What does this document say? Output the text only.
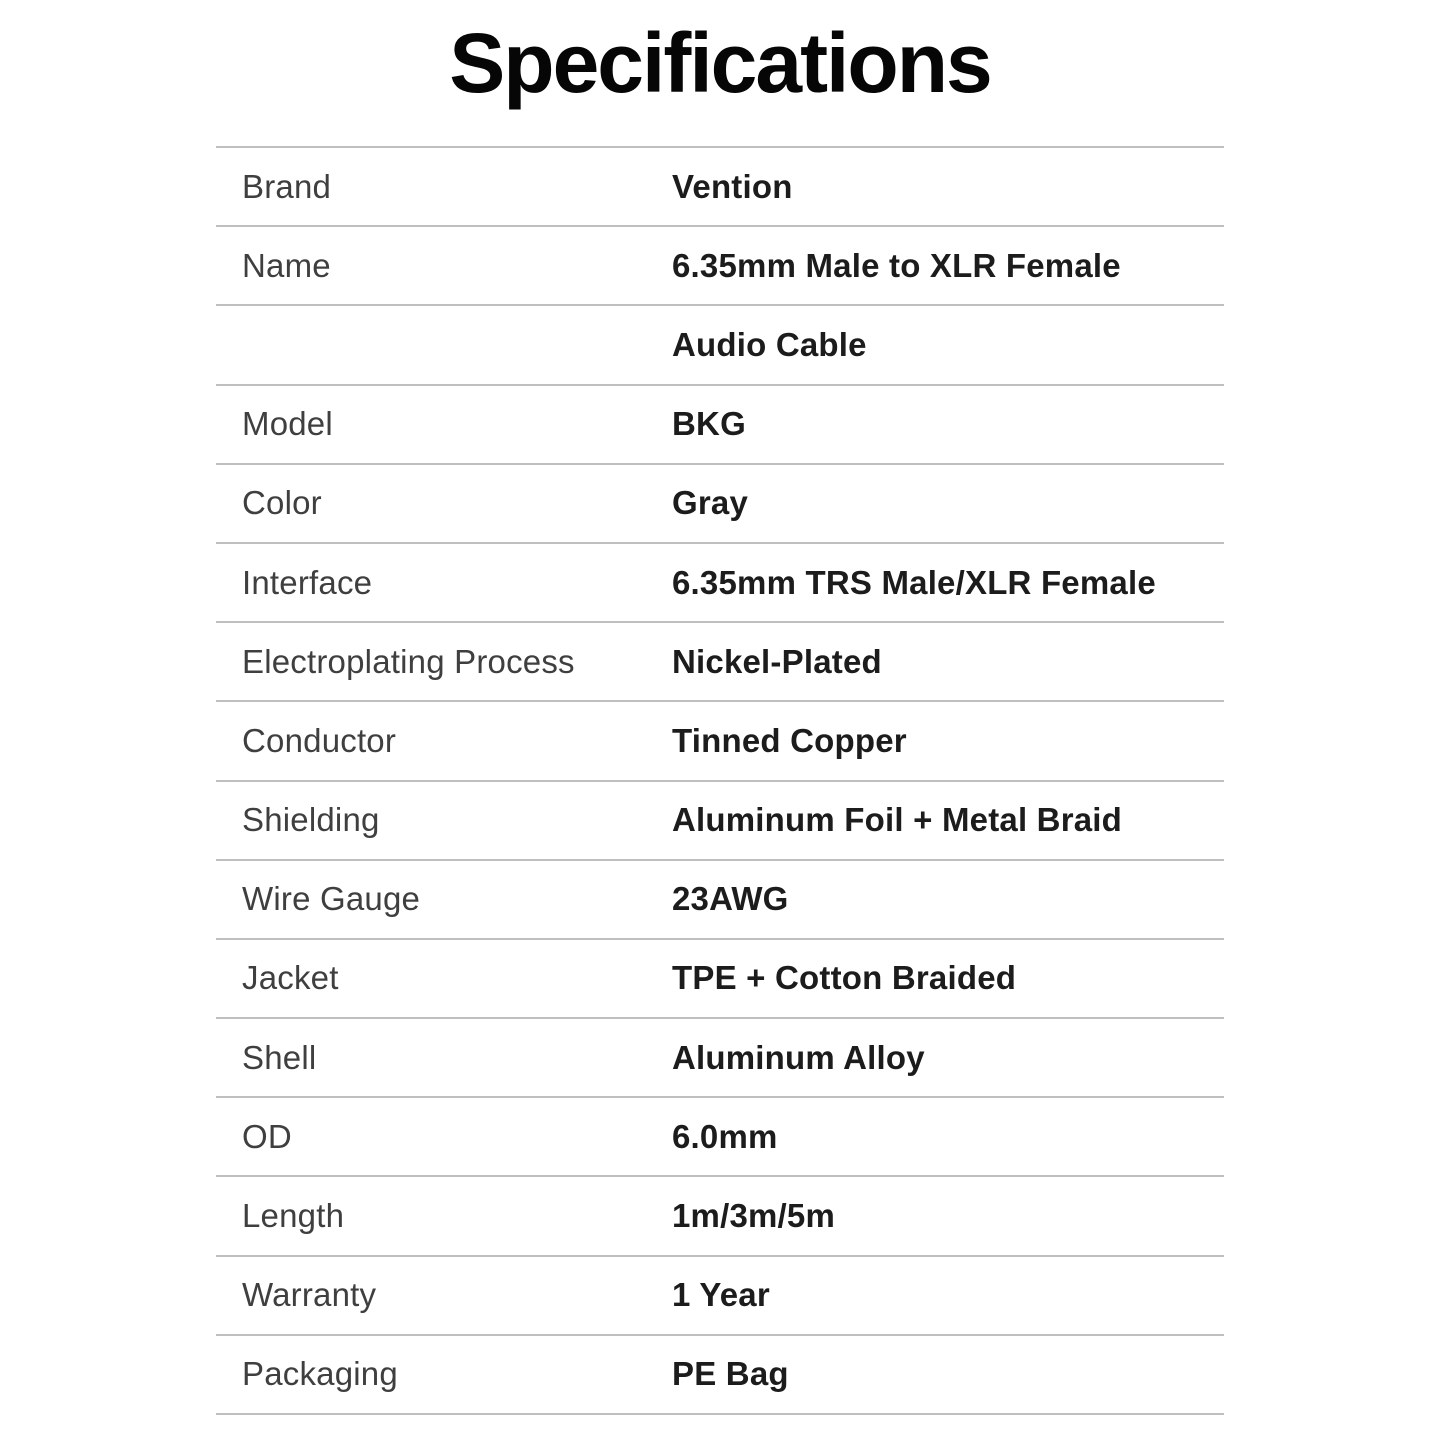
Specifications
Brand	Vention
Name	6.35mm Male to XLR Female
Audio Cable
Model	BKG
Color	Gray
Interface	6.35mm TRS Male/XLR Female
Electroplating Process	Nickel-Plated
Conductor	Tinned Copper
Shielding	Aluminum Foil + Metal Braid
Wire Gauge	23AWG
Jacket	TPE + Cotton Braided
Shell	Aluminum Alloy
OD	6.0mm
Length	1m/3m/5m
Warranty	1 Year
Packaging	PE Bag
